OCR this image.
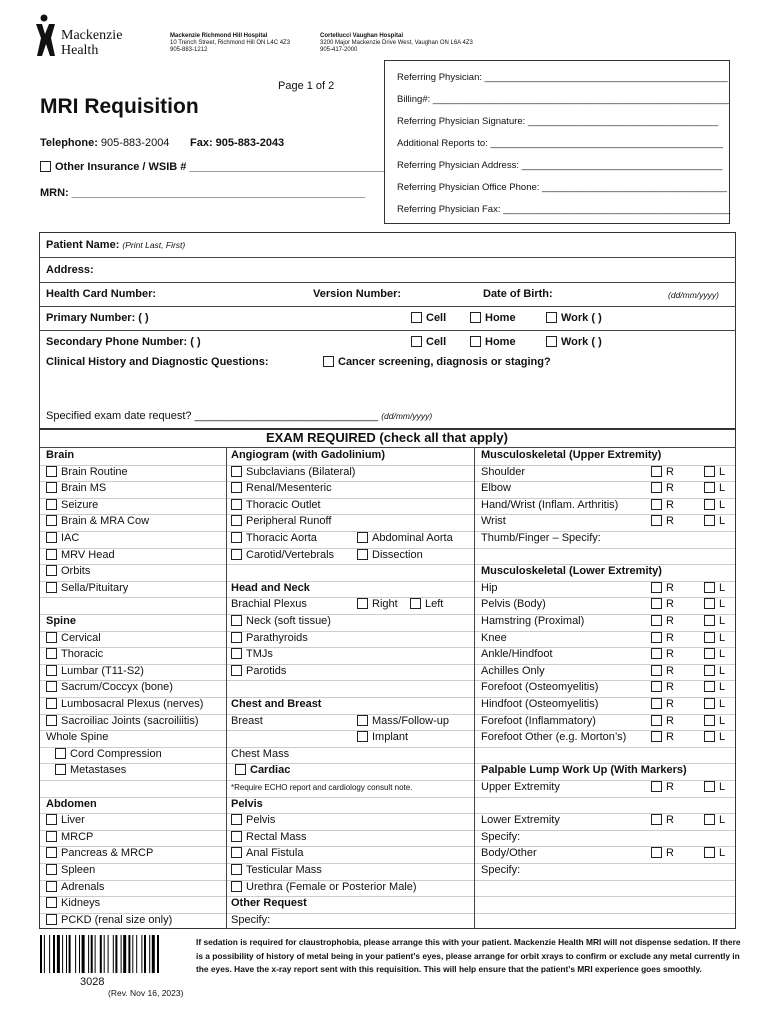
Mackenzie
Health
Mackenzie Richmond Hill Hospital
10 Trench Street, Richmond Hill ON L4C 4Z3
905-883-1212
Cortellucci Vaughan Hospital
3200 Major Mackenzie Drive West, Vaughan ON L6A 4Z3
905-417-2000
Page 1 of 2
MRI Requisition
Telephone: 905-883-2004 Fax: 905-883-2043
Other Insurance / WSIB # ________________________________
MRN: ________________________________________________
Referring Physician: ______________________________________________
Billing#: ________________________________________________________
Referring Physician Signature: ____________________________________
Additional Reports to: ____________________________________________
Referring Physician Address: ______________________________________
Referring Physician Office Phone: ___________________________________
Referring Physician Fax: ___________________________________________
Patient Name: (Print Last, First)
Address:
Health Card Number:	Version Number:	Date of Birth:	(dd/mm/yyyy)
Primary Number: ( )	Cell	Home	Work ( )
Secondary Phone Number: ( )	Cell	Home	Work ( )
Clinical History and Diagnostic Questions:	Cancer screening, diagnosis or staging?
Specified exam date request? ______________________________ (dd/mm/yyyy)
EXAM REQUIRED (check all that apply)
Brain
Brain Routine
Brain MS
Seizure
Brain & MRA Cow
IAC
MRV Head
Orbits
Sella/Pituitary
Spine
Cervical
Thoracic
Lumbar (T11-S2)
Sacrum/Coccyx (bone)
Lumbosacral Plexus (nerves)
Sacroiliac Joints (sacroiliitis)
Whole Spine
Cord Compression
Metastases
Abdomen
Liver
MRCP
Pancreas & MRCP
Spleen
Adrenals
Kidneys
PCKD (renal size only)
Angiogram (with Gadolinium)
Subclavians (Bilateral)
Renal/Mesenteric
Thoracic Outlet
Peripheral Runoff
Thoracic Aorta
Carotid/Vertebrals
Abdominal Aorta
Dissection
Head and Neck
Brachial Plexus	Right	Left
Neck (soft tissue)
Parathyroids
TMJs
Parotids
Chest and Breast
Breast	Mass/Follow-up
Implant
Chest Mass
Cardiac
*Require ECHO report and cardiology consult note.
Pelvis
Pelvis
Rectal Mass
Anal Fistula
Testicular Mass
Urethra (Female or Posterior Male)
Other Request
Specify:
Musculoskeletal (Upper Extremity)
Shoulder	R	L
Elbow	R	L
Hand/Wrist (Inflam. Arthritis)	R	L
Wrist	R	L
Thumb/Finger – Specify:
Musculoskeletal (Lower Extremity)
Hip	R	L
Pelvis (Body)	R	L
Hamstring (Proximal)	R	L
Knee	R	L
Ankle/Hindfoot	R	L
Achilles Only	R	L
Forefoot (Osteomyelitis)	R	L
Hindfoot (Osteomyelitis)	R	L
Forefoot (Inflammatory)	R	L
Forefoot Other (e.g. Morton’s)	R	L
Palpable Lump Work Up (With Markers)
Upper Extremity	R	L
Lower Extremity	R	L
Specify:
Body/Other	R	L
Specify:
3028
(Rev. Nov 16, 2023)
If sedation is required for claustrophobia, please arrange this with your patient. Mackenzie Health MRI will not dispense sedation. If there is a possibility of history of metal being in your patient’s eyes, please arrange for orbit xrays to confirm or exclude any metal currently in the eyes. Have the x-ray report sent with this requisition. This will help ensure that the patient’s MRI experience goes smoothly.
